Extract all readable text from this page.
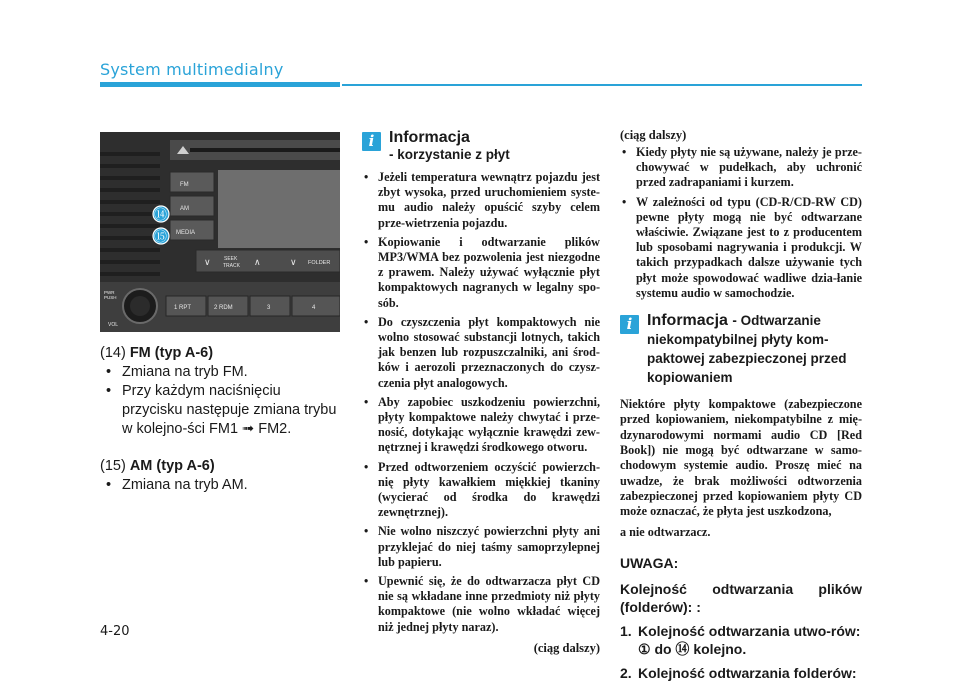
System multimedialny
FM
AM
MEDIA
⑭
⑮
∨	SEEK
TRACK ∧	∨ FOLDER
PWR
PUSH
VOL
1 RPT	2 RDM	3	4

(14) FM (typ A-6)

• Zmiana na tryb FM.

• Przy każdym naciśnięciu przycisku następuje zmiana trybu w kolejno-ści FM1 ➟ FM2.

(15) AM (typ A-6)

• Zmiana na tryb AM.

i Informacja
- korzystanie z płyt
• Jeżeli temperatura wewnątrz pojazdu jest zbyt wysoka, przed uruchomieniem syste-mu audio należy opuścić szyby celem prze-wietrzenia pojazdu.
• Kopiowanie i odtwarzanie plików MP3/WMA bez pozwolenia jest niezgodne z prawem. Należy używać wyłącznie płyt kompaktowych nagranych w legalny spo-sób.
• Do czyszczenia płyt kompaktowych nie wolno stosować substancji lotnych, takich jak benzen lub rozpuszczalniki, ani środ-ków i aerozoli przeznaczonych do czysz-czenia płyt analogowych.
• Aby zapobiec uszkodzeniu powierzchni, płyty kompaktowe należy chwytać i prze-nosić, dotykając wyłącznie krawędzi zew-nętrznej i krawędzi środkowego otworu.
• Przed odtworzeniem oczyścić powierzch-nię płyty kawałkiem miękkiej tkaniny (wycierać od środka do krawędzi zewnętrznej).
• Nie wolno niszczyć powierzchni płyty ani przyklejać do niej taśmy samoprzylepnej lub papieru.
• Upewnić się, że do odtwarzacza płyt CD nie są wkładane inne przedmioty niż płyty kompaktowe (nie wolno wkładać więcej niż jednej płyty naraz).
(ciąg dalszy)

(ciąg dalszy)

• Kiedy płyty nie są używane, należy je prze-chowywać w pudełkach, aby uchronić przed zadrapaniami i kurzem.
• W zależności od typu (CD-R/CD-RW CD) pewne płyty mogą nie być odtwarzane właściwie. Związane jest to z producentem lub sposobami nagrywania i produkcji. W takich przypadkach dalsze używanie tych płyt może spowodować wadliwe dzia-łanie systemu audio w samochodzie.
i Informacja - Odtwarzanie niekompatybilnej płyty kom-paktowej zabezpieczonej przed kopiowaniem

Niektóre płyty kompaktowe (zabezpieczone przed kopiowaniem, niekompatybilne z mię-dzynarodowymi normami audio CD [Red Book]) nie mogą być odtwarzane w samo-chodowym systemie audio. Proszę mieć na uwadze, że brak możliwości odtworzenia zabezpieczonej przed kopiowaniem płyty CD może oznaczać, że płyta jest uszkodzona,

a nie odtwarzacz.

UWAGA:
Kolejność odtwarzania plików (folderów): :
1. Kolejność odtwarzania utwo-rów: ① do ⑭ kolejno.
2. Kolejność odtwarzania folderów:
4-20
